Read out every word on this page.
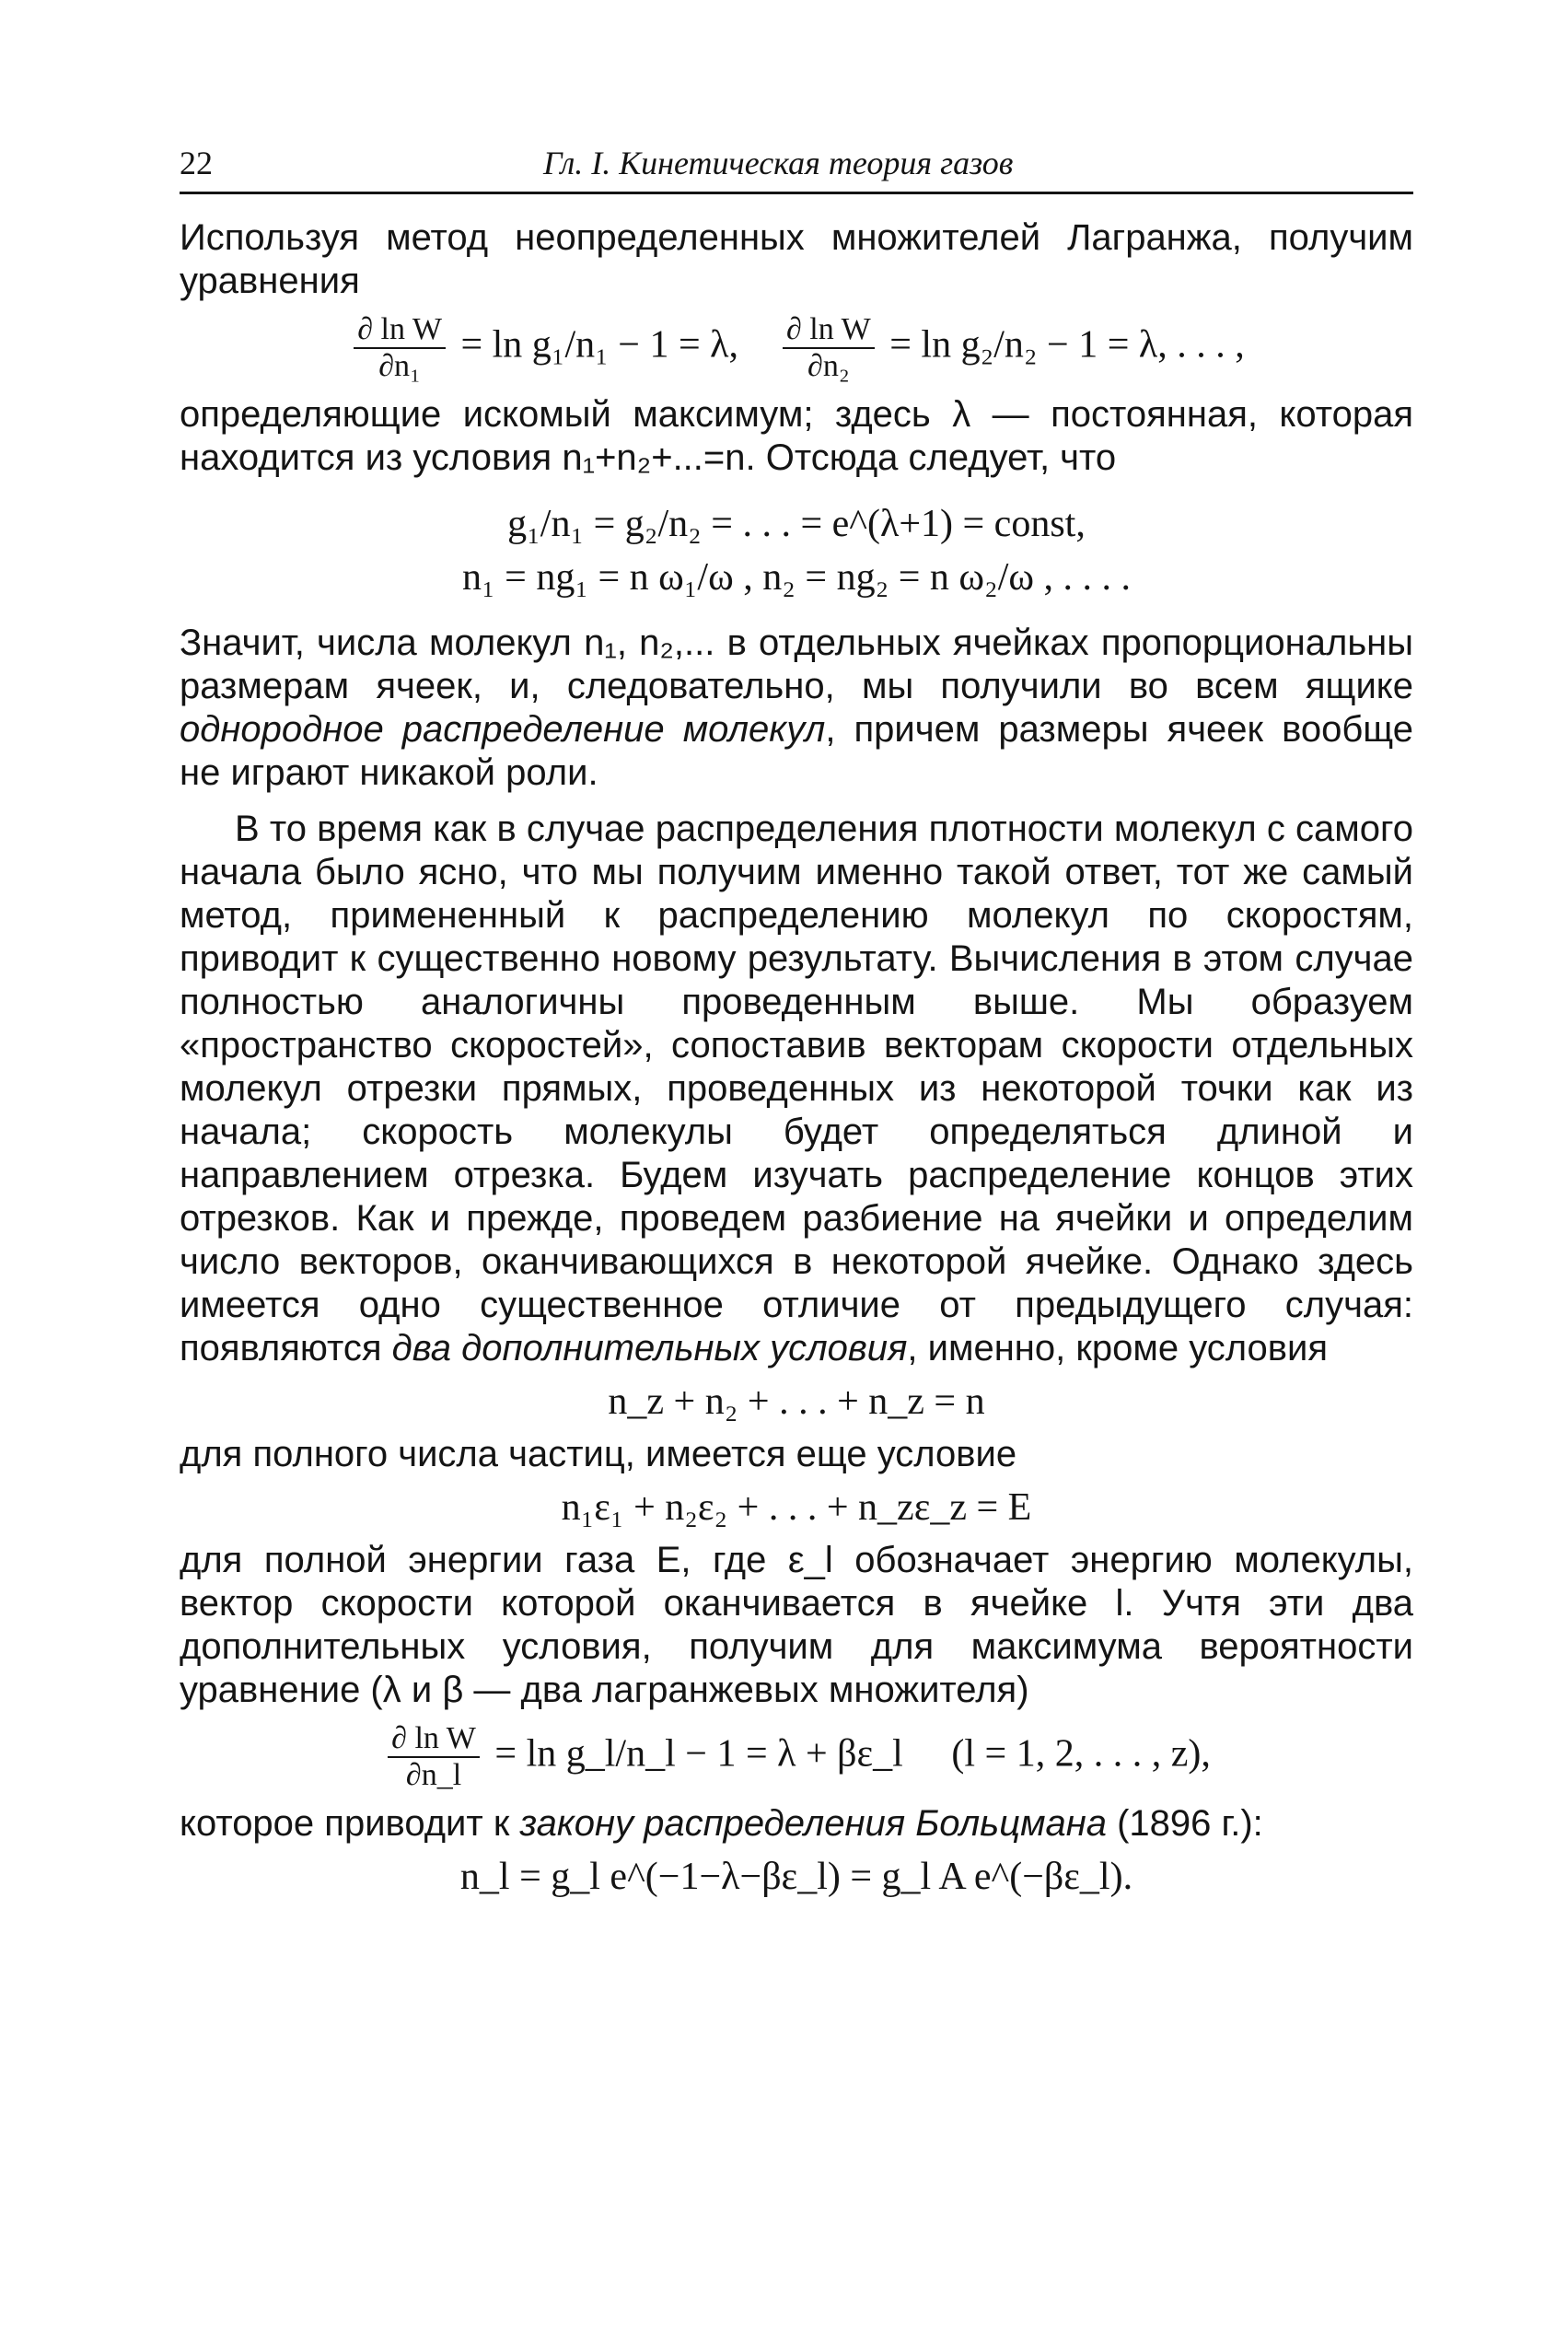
22	Гл. I. Кинетическая теория газов

Используя метод неопределенных множителей Лагранжа, получим уравнения

$\frac{\text{∂ ln W}}{\text{∂n₁}} = \ln g_1/n_1 - 1 = \lambda$, $\frac{\text{∂ ln W}}{\text{∂n₂}} = \ln g_2/n_2 - 1 = \lambda$, . . . ,

определяющие искомый максимум; здесь λ — постоянная, которая находится из условия n₁+n₂+...=n. Отсюда следует, что

g₁/n₁ = g₂/n₂ = . . . = e^(λ+1) = const,
n₁ = ng₁ = n ω₁/ω , n₂ = ng₂ = n ω₂/ω , . . . .

Значит, числа молекул n₁, n₂,... в отдельных ячейках пропорциональны размерам ячеек, и, следовательно, мы получили во всем ящике однородное распределение молекул, причем размеры ячеек вообще не играют никакой роли.

В то время как в случае распределения плотности молекул с самого начала было ясно, что мы получим именно такой ответ, тот же самый метод, примененный к распределению молекул по скоростям, приводит к существенно новому результату. Вычисления в этом случае полностью аналогичны проведенным выше. Мы образуем «пространство скоростей», сопоставив векторам скорости отдельных молекул отрезки прямых, проведенных из некоторой точки как из начала; скорость молекулы будет определяться длиной и направлением отрезка. Будем изучать распределение концов этих отрезков. Как и прежде, проведем разбиение на ячейки и определим число векторов, оканчивающихся в некоторой ячейке. Однако здесь имеется одно существенное отличие от предыдущего случая: появляются два дополнительных условия, именно, кроме условия

n_z + n₂ + . . . + n_z = n

для полного числа частиц, имеется еще условие

n₁ε₁ + n₂ε₂ + . . . + n_zε_z = E

для полной энергии газа E, где ε_l обозначает энергию молекулы, вектор скорости которой оканчивается в ячейке l. Учтя эти два дополнительных условия, получим для максимума вероятности уравнение (λ и β — два лагранжевых множителя)

$\frac{\text{∂ ln W}}{\partial n\_l} = \ln$ g_l/n_l − 1 = λ + βε_l (l = 1, 2, . . . , z),

которое приводит к закону распределения Больцмана (1896 г.):

n_l = g_l e^(−1−λ−βε_l) = g_l A e^(−βε_l).
